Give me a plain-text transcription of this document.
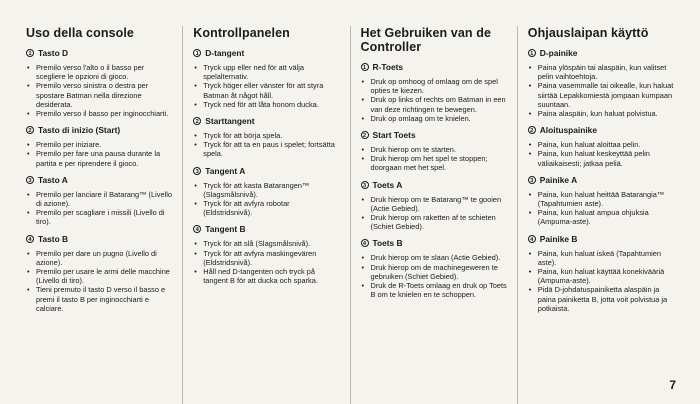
Uso della console
1 Tasto D
• Premilo verso l'alto o il basso per scegliere le opzioni di gioco.
• Premilo verso sinistra o destra per spostare Batman nella direzione desiderata.
• Premilo verso il basso per inginocchiarti.
2 Tasto di inizio (Start)
• Premilo per iniziare.
• Premilo per fare una pausa durante la partita e per riprendere il gioco.
3 Tasto A
• Premilo per lanciare il Batarang™ (Livello di azione).
• Premilo per scagliare i missili (Livello di tiro).
4 Tasto B
• Premilo per dare un pugno (Livello di azione).
• Premilo per usare le armi delle macchine (Livello di tiro).
• Tieni premuto il tasto D verso il basso e premi il tasto B per inginocchiarti e calciare.
Kontrollpanelen
1 D-tangent
• Tryck upp eller ned för att välja spelalternativ.
• Tryck höger eller vänster för att styra Batman åt något håll.
• Tryck ned för att låta honom ducka.
2 Starttangent
• Tryck för att börja spela.
• Tryck för att ta en paus i spelet; fortsätta spela.
3 Tangent A
• Tryck för att kasta Batarangen™ (Slagsmålsnivå).
• Tryck för att avfyra robotar (Eldstridsnivå).
4 Tangent B
• Tryck för att slå (Slagsmålsnivå).
• Tryck för att avfyra maskingevären (Eldstridsnivå).
• Håll ned D-tangenten och tryck på tangent B för att ducka och sparka.
Het Gebruiken van de Controller
1 R-Toets
• Druk op omhoog of omlaag om de spel opties te kiezen.
• Druk op links of rechts om Batman in een van deze richtingen te bewegen.
• Druk op omlaag om te knielen.
2 Start Toets
• Druk hierop om te starten.
• Druk hierop om het spel te stoppen; doorgaan met het spel.
3 Toets A
• Druk hierop om te Batarang™ te gooien (Actie Gebied).
• Druk hierop om raketten af te schieten (Schiet Gebied).
4 Toets B
• Druk hierop om te slaan (Actie Gebied).
• Druk hierop om de machinegeweren te gebruiken (Schiet Gebied).
• Druk de R-Toets omlaag en druk op Toets B om te knielen en te schoppen.
Ohjauslaipan käyttö
1 D-painike
• Paina ylöspäin tai alaspäin, kun valitset pelin vaihtoehtoja.
• Paina vasemmalle tai oikealle, kun haluat siirtää Lepakkomiestä jompaan kumpaan suuntaan.
• Paina alaspäin, kun haluat polvistua.
2 Aloituspainike
• Paina, kun haluat aloittaa pelin.
• Paina, kun haluat keskeyttää pelin väliaikaisesti; jatkaa peliä.
3 Painike A
• Paina, kun haluat heittää Batarangia™ (Tapahtumien aste).
• Paina, kun haluat ampua ohjuksia (Ampuma-aste).
4 Painike B
• Paina, kun haluat iskeä (Tapahtumien aste).
• Paina, kun haluat käyttää konekivääriä (Ampuma-aste).
• Pidä D-johdatuspainiketta alaspäin ja paina painiketta B, jotta voit polvistua ja potkaista.
7
